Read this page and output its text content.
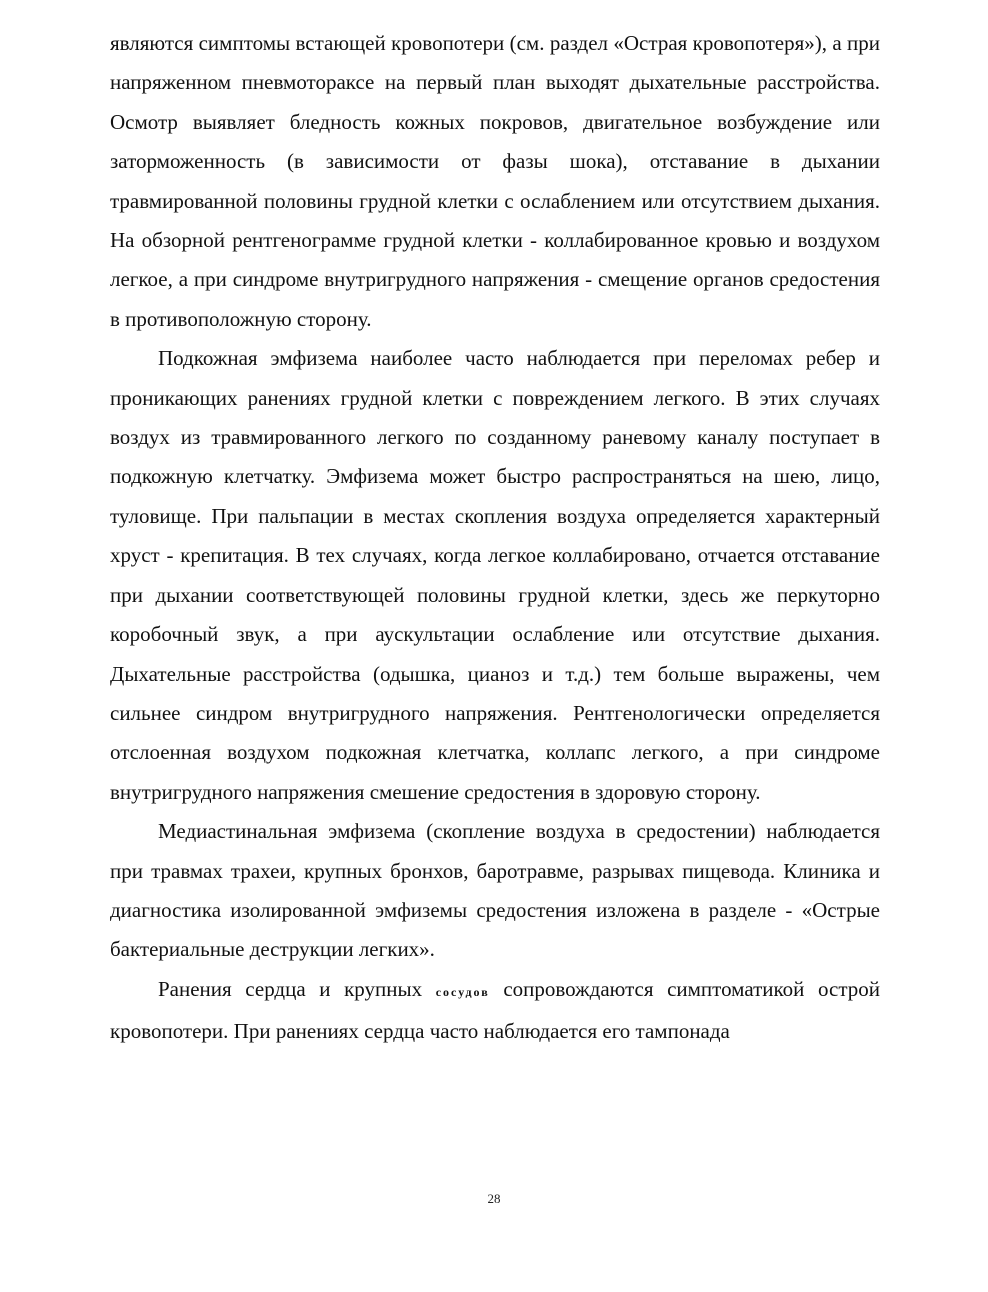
являются симптомы встающей кровопотери (см. раздел «Острая кровопотеря»), а при напряженном пневмотораксе на первый план выходят дыхательные расстройства. Осмотр выявляет бледность кожных покровов, двигательное возбуждение или заторможенность (в зависимости от фазы шока), отставание в дыхании травмированной половины грудной клетки с ослаблением или отсутствием дыхания. На обзорной рентгенограмме грудной клетки - коллабированное кровью и воздухом легкое, а при синдроме внутригрудного напряжения - смещение органов средостения в противоположную сторону.

Подкожная эмфизема наиболее часто наблюдается при переломах ребер и проникающих ранениях грудной клетки с повреждением легкого. В этих случаях воздух из травмированного легкого по созданному раневому каналу поступает в подкожную клетчатку. Эмфизема может быстро распространяться на шею, лицо, туловище. При пальпации в местах скопления воздуха определяется характерный хруст - крепитация. В тех случаях, когда легкое коллабировано, отчается отставание при дыхании соответствующей половины грудной клетки, здесь же перкуторно коробочный звук, а при аускультации ослабление или отсутствие дыхания. Дыхательные расстройства (одышка, цианоз и т.д.) тем больше выражены, чем сильнее синдром внутригрудного напряжения. Рентгенологически определяется отслоенная воздухом подкожная клетчатка, коллапс легкого, а при синдроме внутригрудного напряжения смешение средостения в здоровую сторону.

Медиастинальная эмфизема (скопление воздуха в средостении) наблюдается при травмах трахеи, крупных бронхов, баротравме, разрывах пищевода. Клиника и диагностика изолированной эмфиземы средостения изложена в разделе - «Острые бактериальные деструкции легких».

Ранения сердца и крупных сосудов сопровождаются симптоматикой острой кровопотери. При ранениях сердца часто наблюдается его тампонада

28
